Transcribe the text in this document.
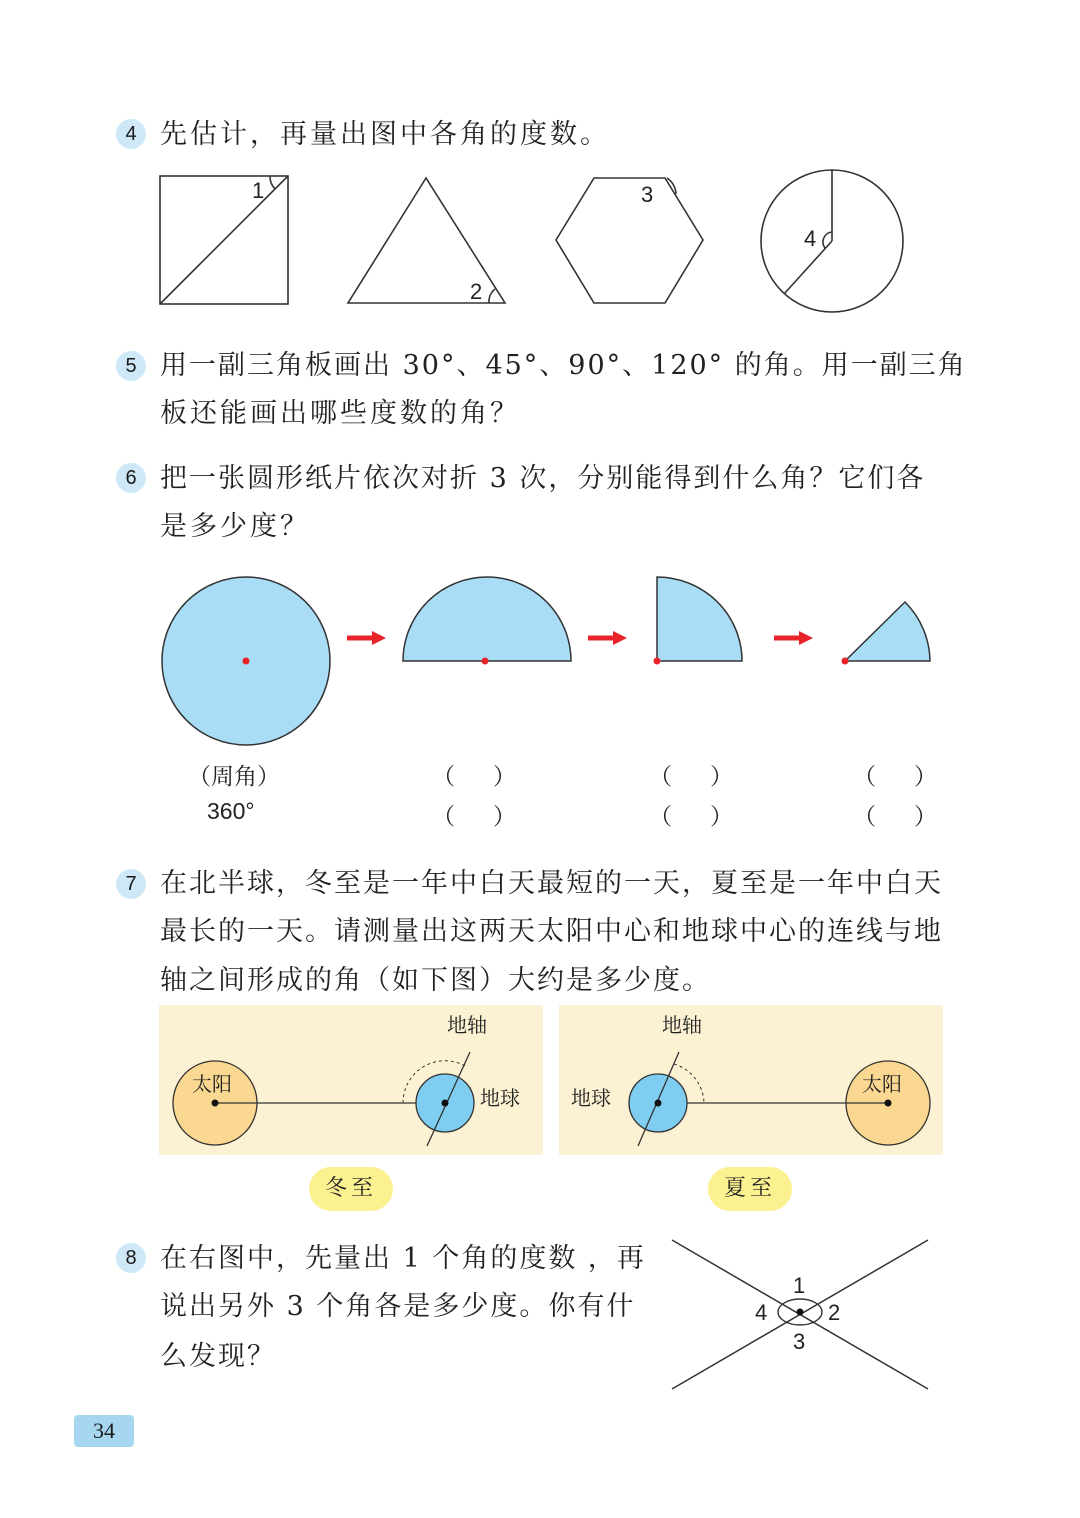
4 先估计，再量出图中各角的度数。
1
2
3
4
5 用一副三角板画出 30°、45°、90°、120° 的角。用一副三角
板还能画出哪些度数的角？
6 把一张圆形纸片依次对折 3 次，分别能得到什么角？它们各
是多少度？
（周角）
360°
（ ）
（ ）
（ ）
（ ）
（ ）
（ ）
7 在北半球，冬至是一年中白天最短的一天，夏至是一年中白天
最长的一天。请测量出这两天太阳中心和地球中心的连线与地
轴之间形成的角（如下图）大约是多少度。
太阳
地球
地轴
太阳
地球
地轴
冬至	夏至
8 在右图中，先量出 1 个角的度数 ，再
说出另外 3 个角各是多少度。你有什
么发现？
1
2
3
4
34
